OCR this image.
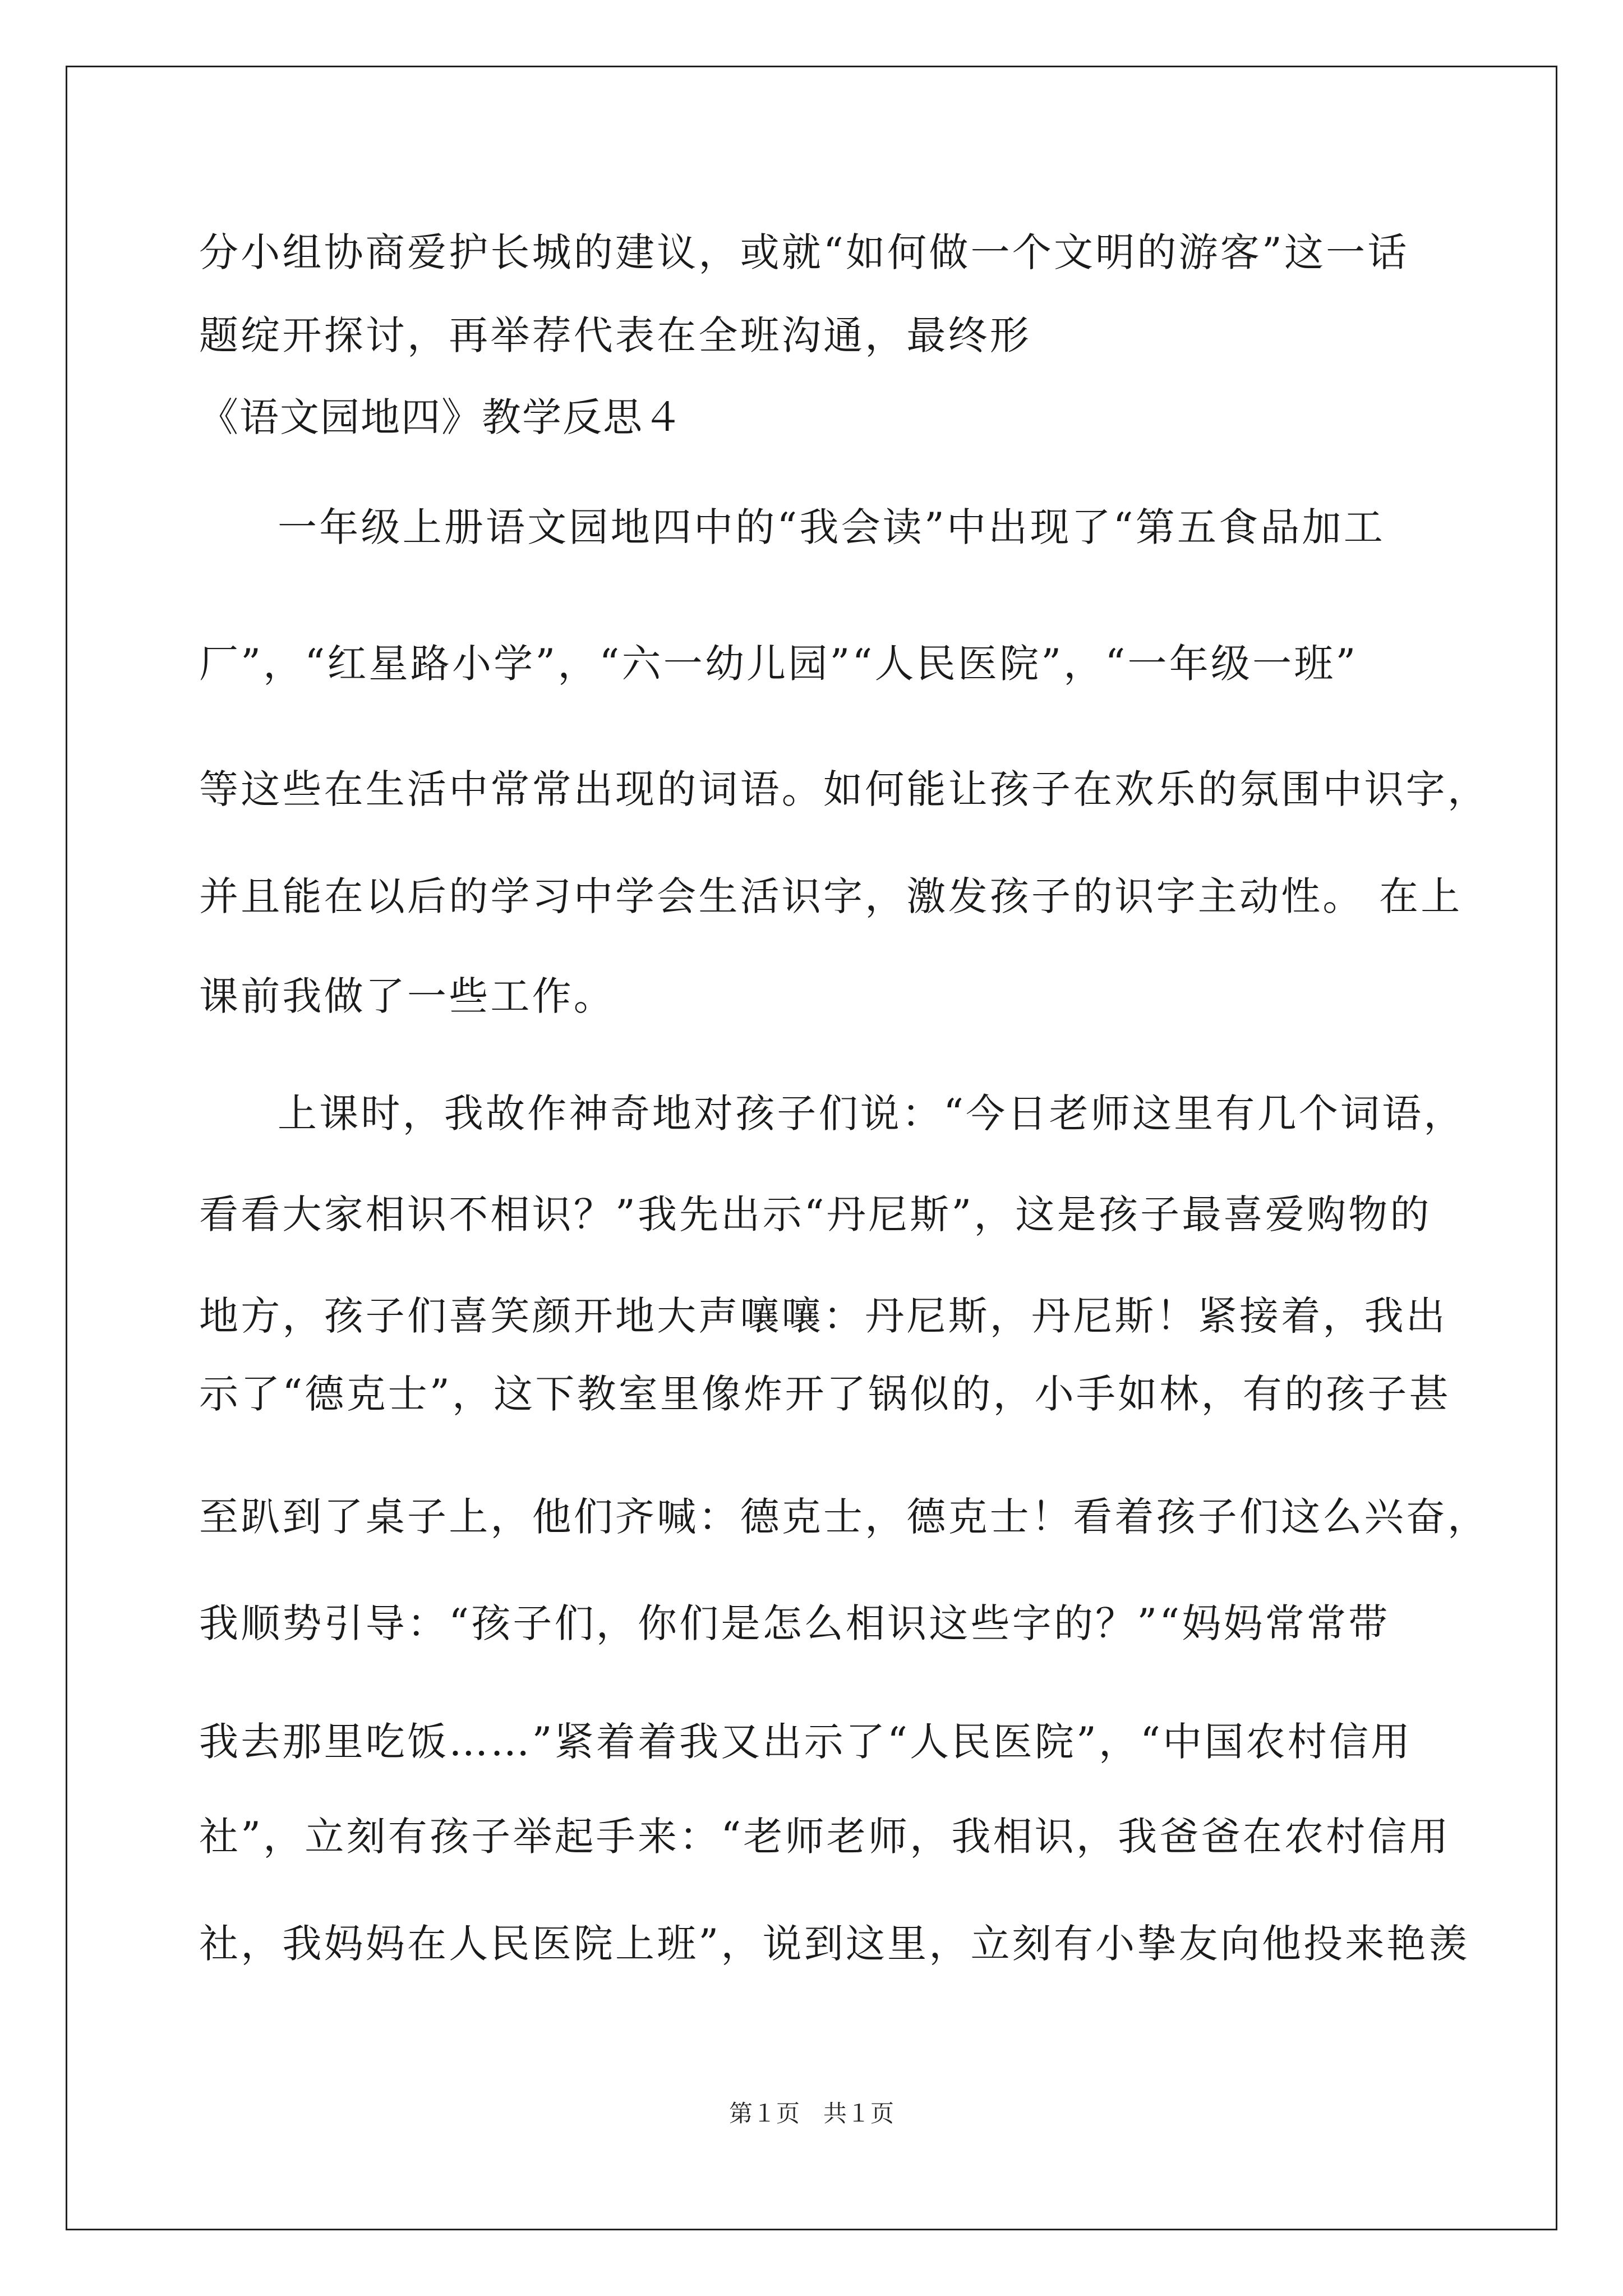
分小组协商爱护长城的建议，或就“如何做一个文明的游客”这一话
题绽开探讨，再举荐代表在全班沟通，最终形
《语文园地四》教学反思４
一年级上册语文园地四中的“我会读”中出现了“第五食品加工
厂”，“红星路小学”，“六一幼儿园”“人民医院”，“一年级一班”
等这些在生活中常常出现的词语。如何能让孩子在欢乐的氛围中识字，
并且能在以后的学习中学会生活识字，激发孩子的识字主动性。 在上
课前我做了一些工作。
上课时，我故作神奇地对孩子们说：“今日老师这里有几个词语，
看看大家相识不相识？”我先出示“丹尼斯”，这是孩子最喜爱购物的
地方，孩子们喜笑颜开地大声嚷嚷：丹尼斯，丹尼斯！紧接着，我出
示了“德克士”，这下教室里像炸开了锅似的，小手如林，有的孩子甚
至趴到了桌子上，他们齐喊：德克士，德克士！看着孩子们这么兴奋，
我顺势引导：“孩子们，你们是怎么相识这些字的？”“妈妈常常带
我去那里吃饭……”紧着着我又出示了“人民医院”，“中国农村信用
社”，立刻有孩子举起手来：“老师老师，我相识，我爸爸在农村信用
社，我妈妈在人民医院上班”，说到这里，立刻有小挚友向他投来艳羡
第１页　共１页
